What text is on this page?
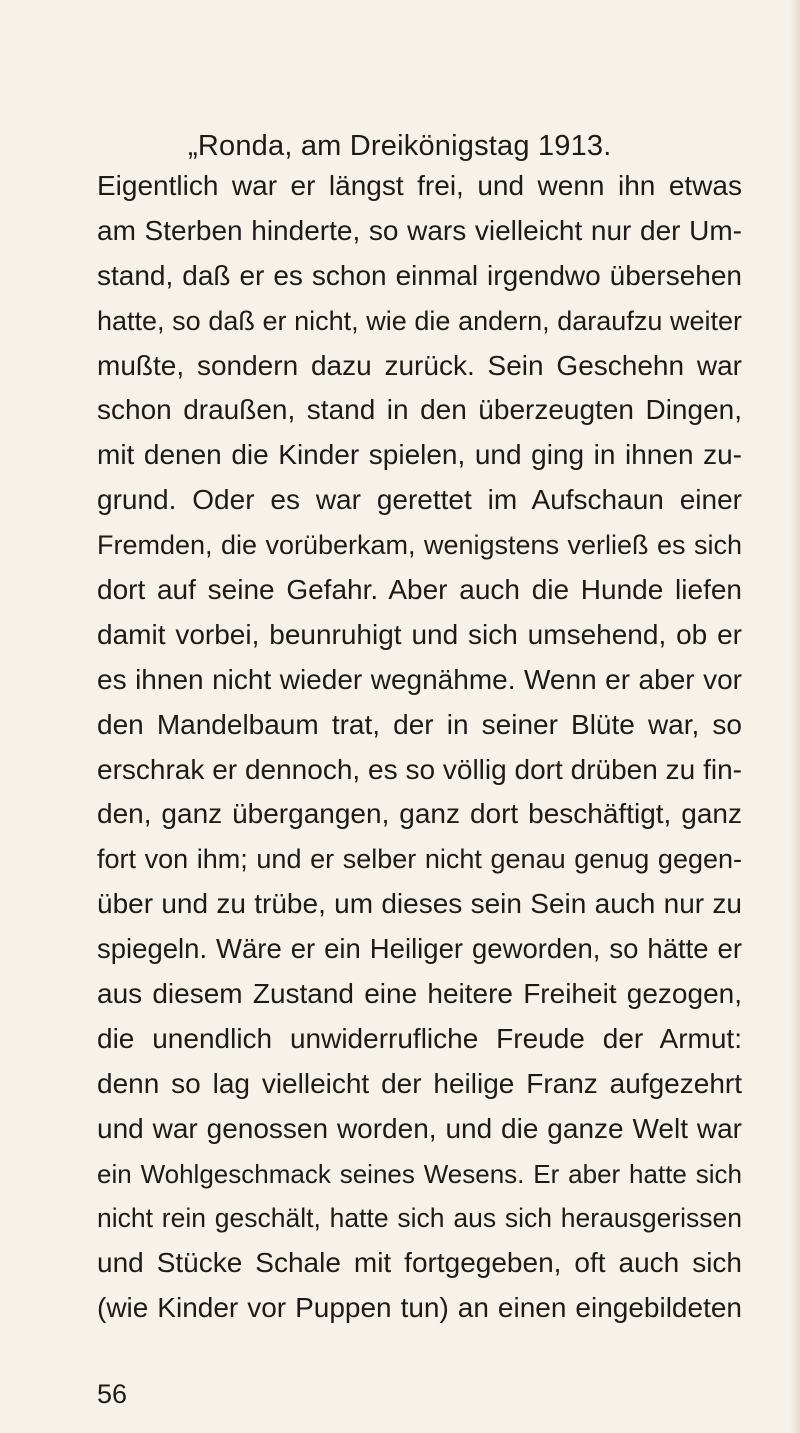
„Ronda, am Dreikönigstag 1913.
Eigentlich war er längst frei, und wenn ihn etwas
am Sterben hinderte, so wars vielleicht nur der Um-
stand, daß er es schon einmal irgendwo übersehen
hatte, so daß er nicht, wie die andern, daraufzu weiter
mußte, sondern dazu zurück. Sein Geschehn war
schon draußen, stand in den überzeugten Dingen,
mit denen die Kinder spielen, und ging in ihnen zu-
grund. Oder es war gerettet im Aufschaun einer
Fremden, die vorüberkam, wenigstens verließ es sich
dort auf seine Gefahr. Aber auch die Hunde liefen
damit vorbei, beunruhigt und sich umsehend, ob er
es ihnen nicht wieder wegnähme. Wenn er aber vor
den Mandelbaum trat, der in seiner Blüte war, so
erschrak er dennoch, es so völlig dort drüben zu fin-
den, ganz übergangen, ganz dort beschäftigt, ganz
fort von ihm; und er selber nicht genau genug gegen-
über und zu trübe, um dieses sein Sein auch nur zu
spiegeln. Wäre er ein Heiliger geworden, so hätte er
aus diesem Zustand eine heitere Freiheit gezogen,
die unendlich unwiderrufliche Freude der Armut:
denn so lag vielleicht der heilige Franz aufgezehrt
und war genossen worden, und die ganze Welt war
ein Wohlgeschmack seines Wesens. Er aber hatte sich
nicht rein geschält, hatte sich aus sich herausgerissen
und Stücke Schale mit fortgegeben, oft auch sich
(wie Kinder vor Puppen tun) an einen eingebildeten
56
